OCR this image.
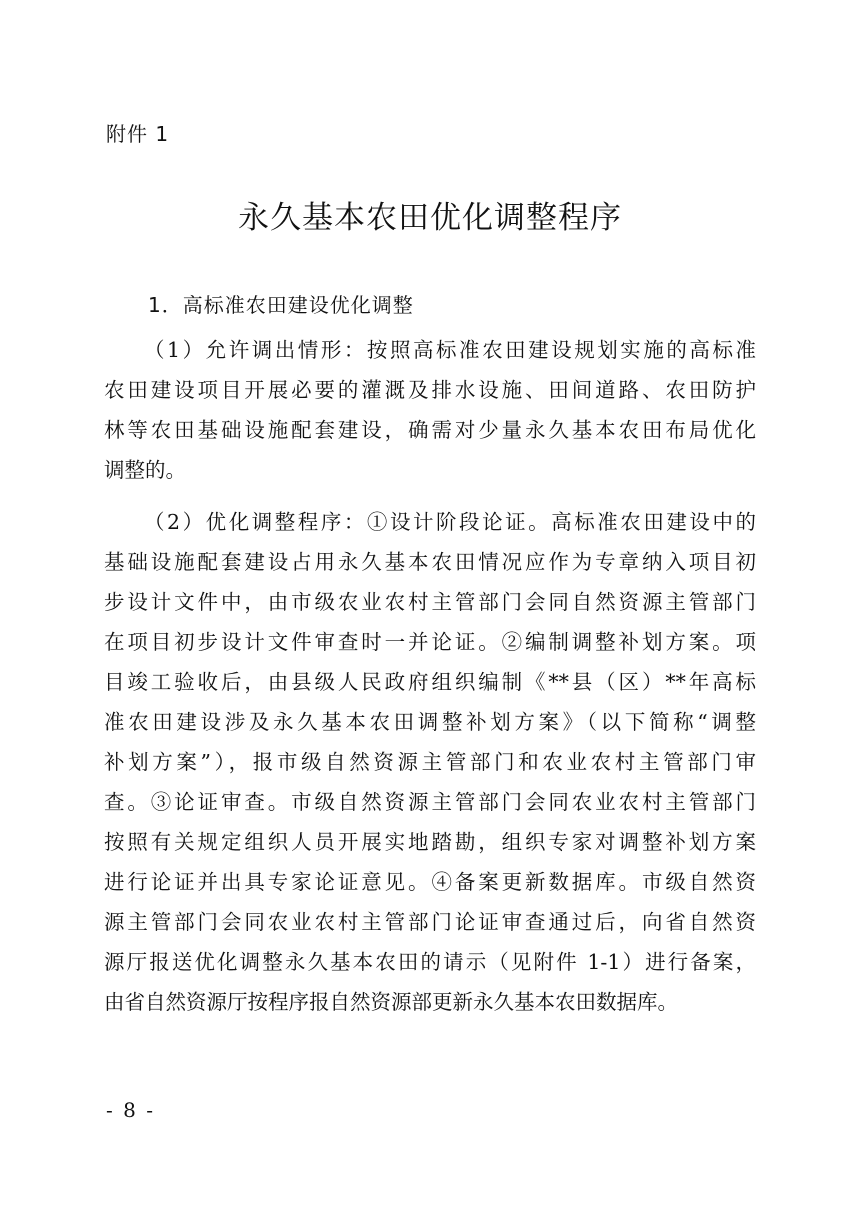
附件 1
永久基本农田优化调整程序
1．高标准农田建设优化调整
（1）允许调出情形：按照高标准农田建设规划实施的高标准
农田建设项目开展必要的灌溉及排水设施、田间道路、农田防护
林等农田基础设施配套建设，确需对少量永久基本农田布局优化
调整的。
（2）优化调整程序：①设计阶段论证。高标准农田建设中的
基础设施配套建设占用永久基本农田情况应作为专章纳入项目初
步设计文件中，由市级农业农村主管部门会同自然资源主管部门
在项目初步设计文件审查时一并论证。②编制调整补划方案。项
目竣工验收后，由县级人民政府组织编制《**县（区）**年高标
准农田建设涉及永久基本农田调整补划方案》（以下简称“调整
补划方案”），报市级自然资源主管部门和农业农村主管部门审
查。③论证审查。市级自然资源主管部门会同农业农村主管部门
按照有关规定组织人员开展实地踏勘，组织专家对调整补划方案
进行论证并出具专家论证意见。④备案更新数据库。市级自然资
源主管部门会同农业农村主管部门论证审查通过后，向省自然资
源厅报送优化调整永久基本农田的请示（见附件 1-1）进行备案，
由省自然资源厅按程序报自然资源部更新永久基本农田数据库。
- 8 -
